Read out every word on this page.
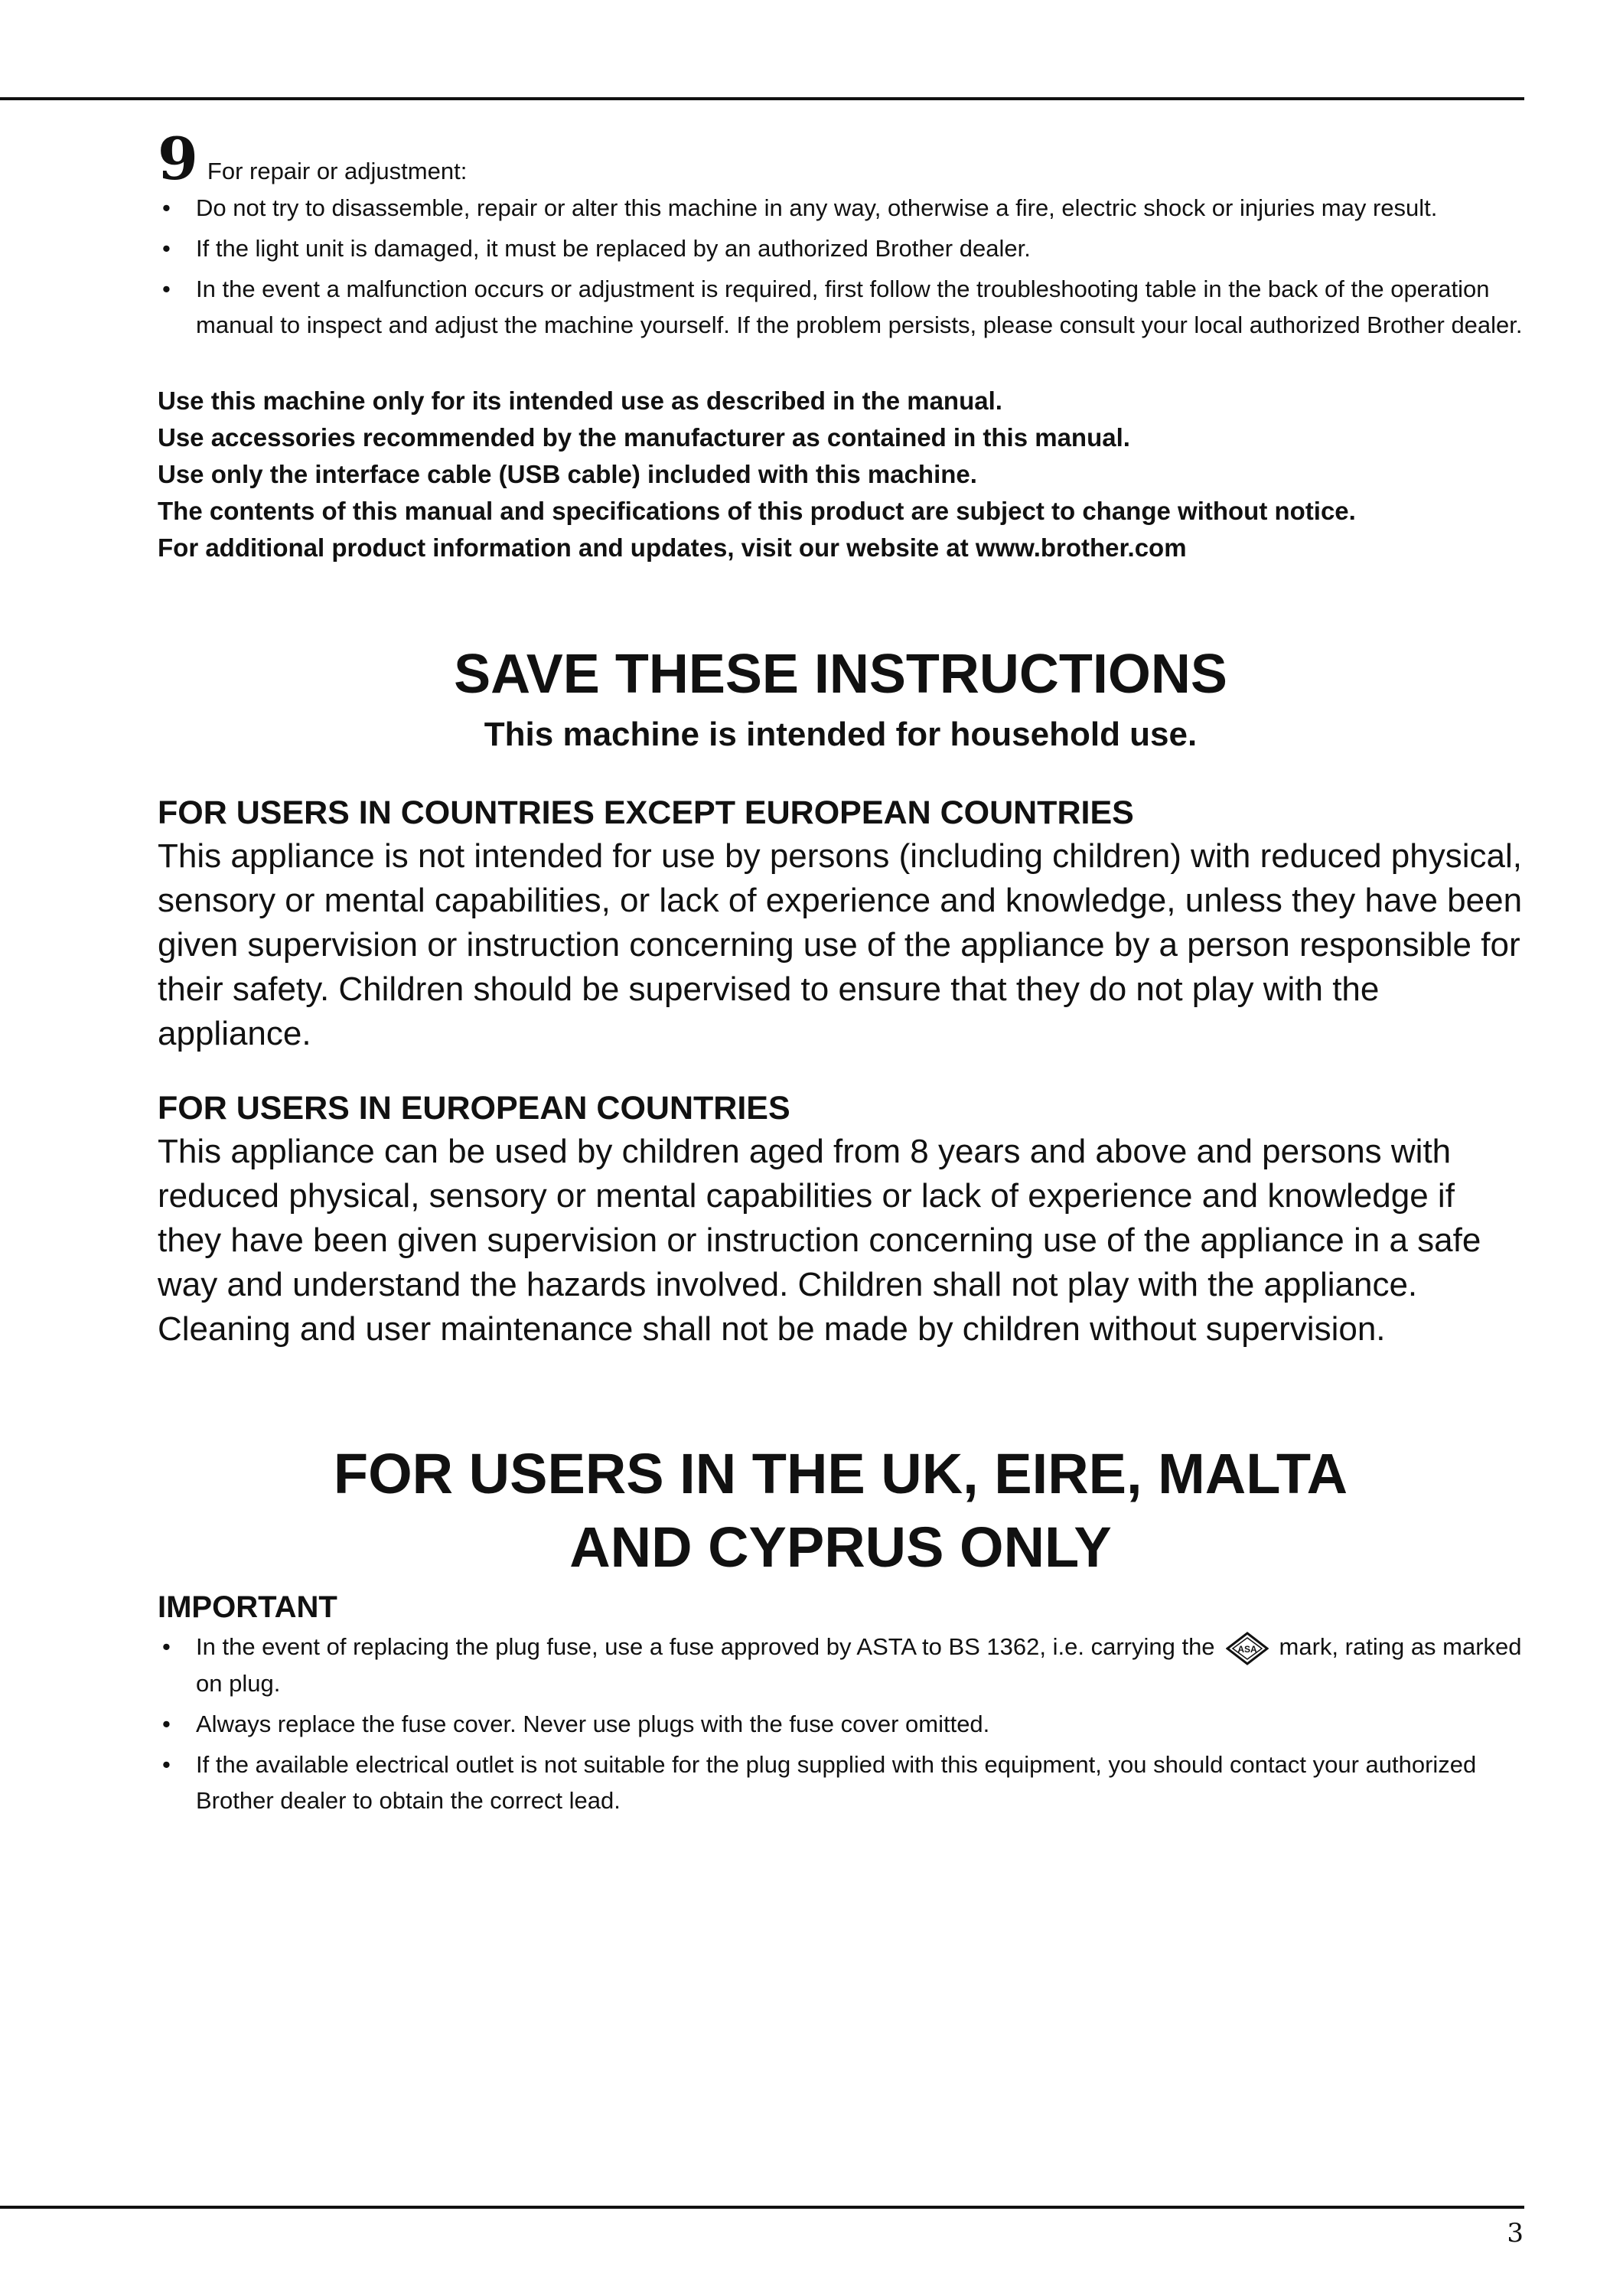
9 For repair or adjustment:
• Do not try to disassemble, repair or alter this machine in any way, otherwise a fire, electric shock or injuries may result.
• If the light unit is damaged, it must be replaced by an authorized Brother dealer.
• In the event a malfunction occurs or adjustment is required, first follow the troubleshooting table in the back of the operation manual to inspect and adjust the machine yourself. If the problem persists, please consult your local authorized Brother dealer.
Use this machine only for its intended use as described in the manual.
Use accessories recommended by the manufacturer as contained in this manual.
Use only the interface cable (USB cable) included with this machine.
The contents of this manual and specifications of this product are subject to change without notice.
For additional product information and updates, visit our website at www.brother.com
SAVE THESE INSTRUCTIONS
This machine is intended for household use.
FOR USERS IN COUNTRIES EXCEPT EUROPEAN COUNTRIES
This appliance is not intended for use by persons (including children) with reduced physical, sensory or mental capabilities, or lack of experience and knowledge, unless they have been given supervision or instruction concerning use of the appliance by a person responsible for their safety. Children should be supervised to ensure that they do not play with the appliance.
FOR USERS IN EUROPEAN COUNTRIES
This appliance can be used by children aged from 8 years and above and persons with reduced physical, sensory or mental capabilities or lack of experience and knowledge if they have been given supervision or instruction concerning use of the appliance in a safe way and understand the hazards involved. Children shall not play with the appliance. Cleaning and user maintenance shall not be made by children without supervision.
FOR USERS IN THE UK, EIRE, MALTA
AND CYPRUS ONLY
IMPORTANT
• In the event of replacing the plug fuse, use a fuse approved by ASTA to BS 1362, i.e. carrying the ASA mark, rating as marked on plug.
• Always replace the fuse cover. Never use plugs with the fuse cover omitted.
• If the available electrical outlet is not suitable for the plug supplied with this equipment, you should contact your authorized Brother dealer to obtain the correct lead.
3
